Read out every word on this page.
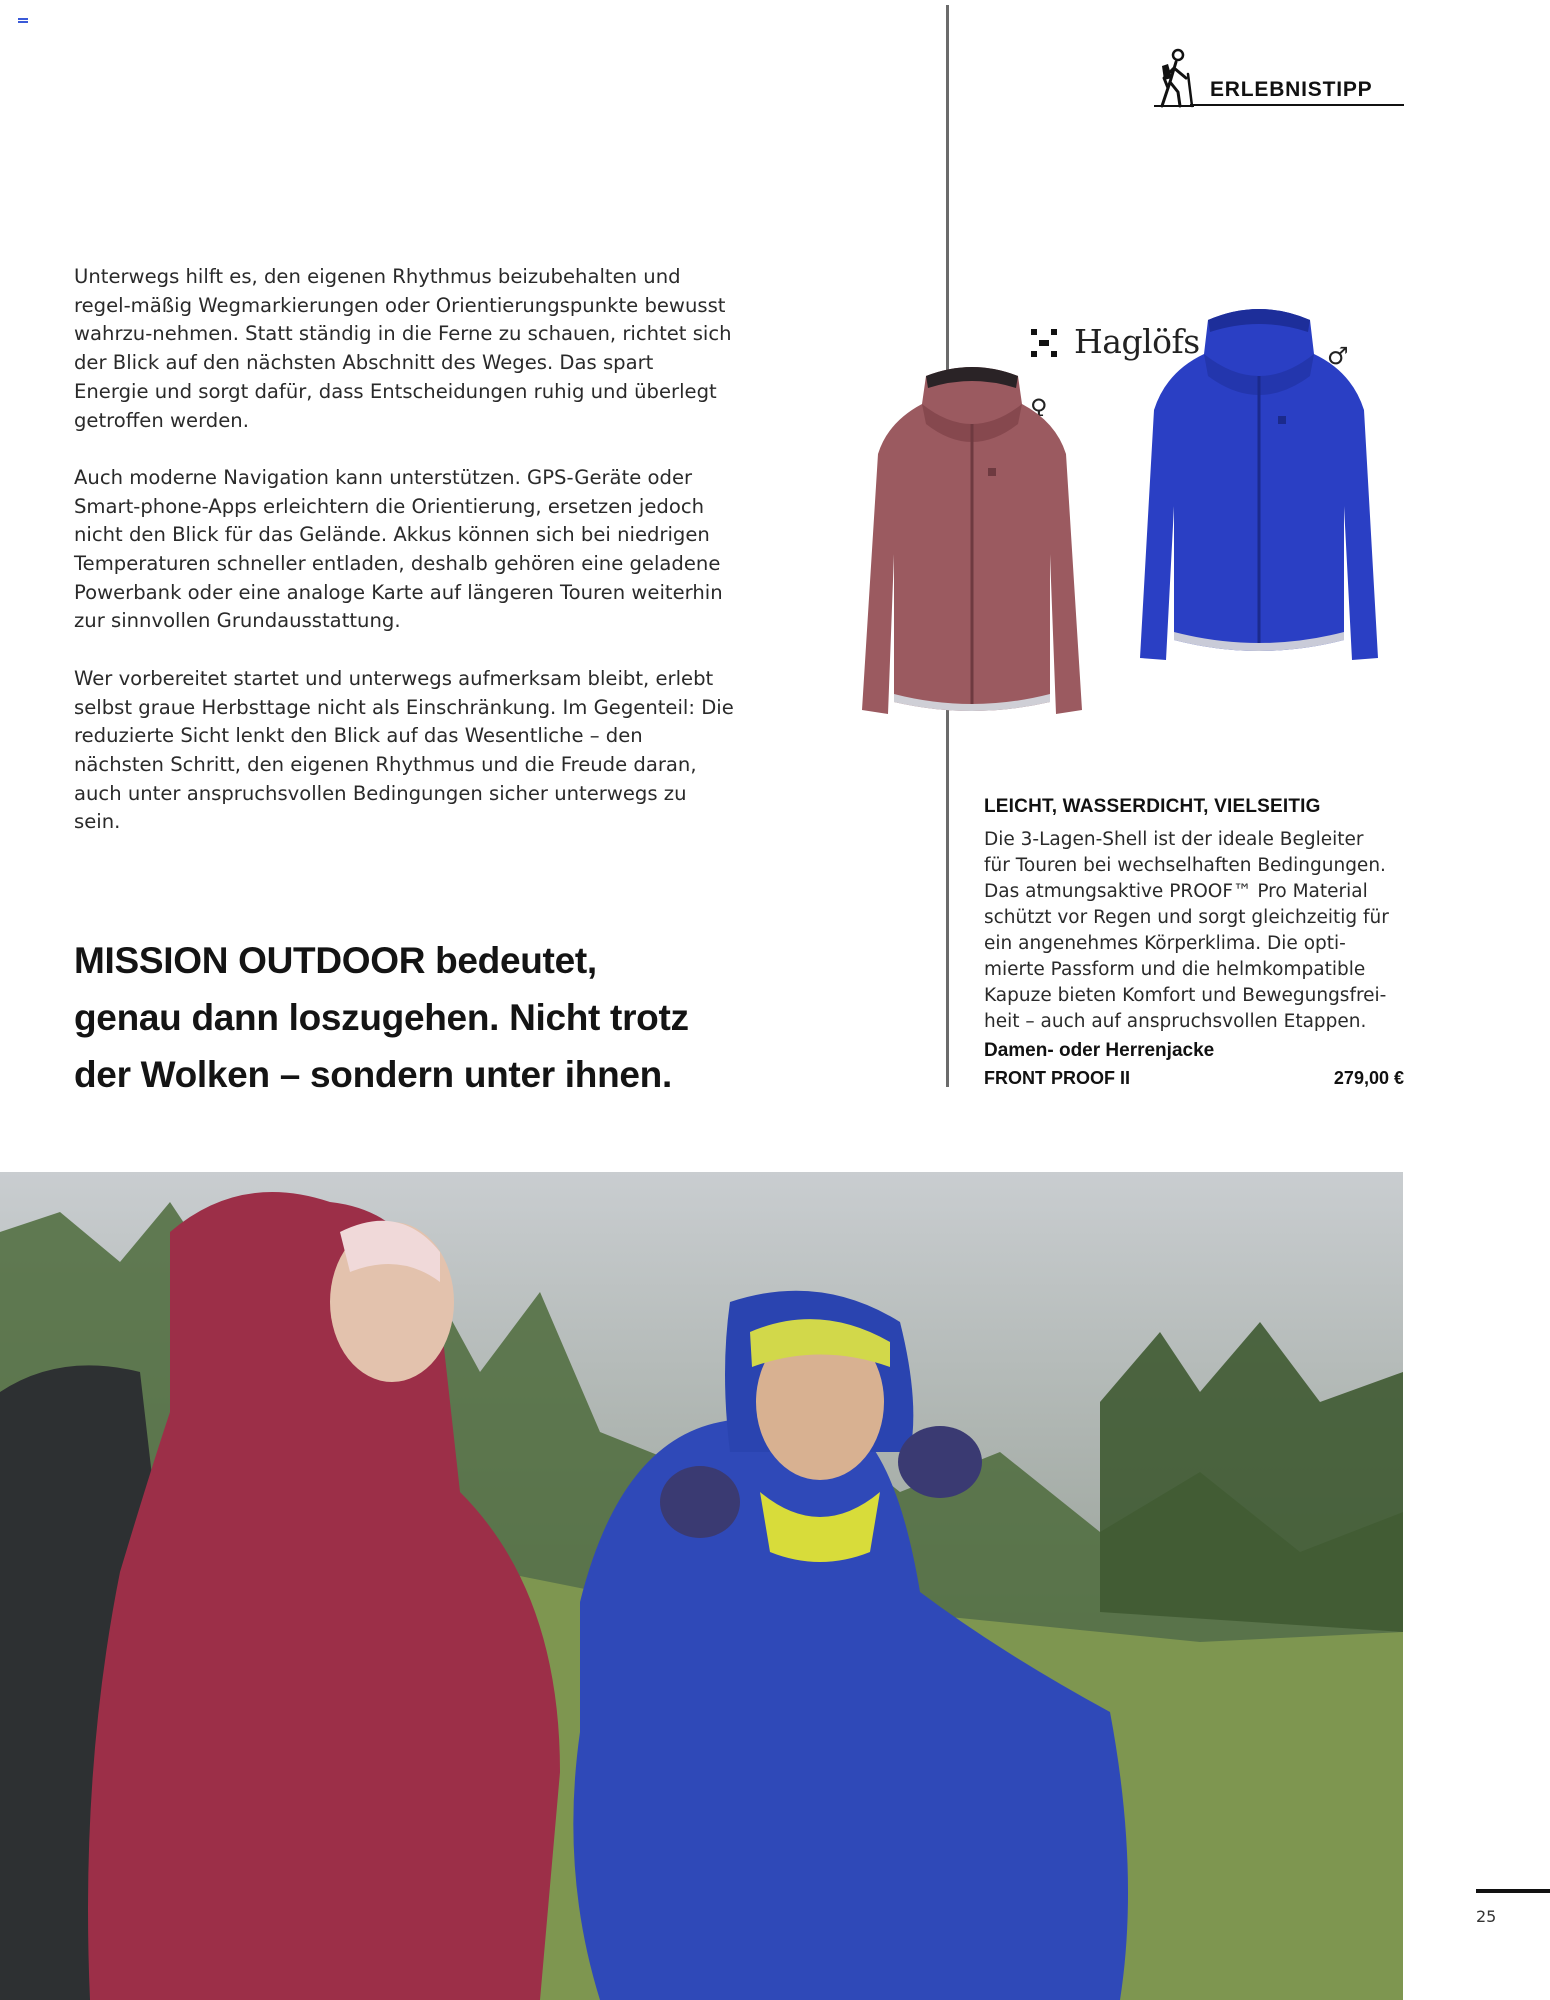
Unterwegs hilft es, den eigenen Rhythmus beizubehalten und regel-mäßig Wegmarkierungen oder Orientierungspunkte bewusst wahrzu-nehmen. Statt ständig in die Ferne zu schauen, richtet sich der Blick auf den nächsten Abschnitt des Weges. Das spart Energie und sorgt dafür, dass Entscheidungen ruhig und überlegt getroffen werden.

Auch moderne Navigation kann unterstützen. GPS-Geräte oder Smart-phone-Apps erleichtern die Orientierung, ersetzen jedoch nicht den Blick für das Gelände. Akkus können sich bei niedrigen Temperaturen schneller entladen, deshalb gehören eine geladene Powerbank oder eine analoge Karte auf längeren Touren weiterhin zur sinnvollen Grundausstattung.

Wer vorbereitet startet und unterwegs aufmerksam bleibt, erlebt selbst graue Herbsttage nicht als Einschränkung. Im Gegenteil: Die reduzierte Sicht lenkt den Blick auf das Wesentliche – den nächsten Schritt, den eigenen Rhythmus und die Freude daran, auch unter anspruchsvollen Bedingungen sicher unterwegs zu sein.

MISSION OUTDOOR bedeutet,
genau dann loszugehen. Nicht trotz
der Wolken – sondern unter ihnen.
ERLEBNISTIPP
Haglöfs
♀
♂
LEICHT, WASSERDICHT, VIELSEITIG
Die 3-Lagen-Shell ist der ideale Begleiter
für Touren bei wechselhaften Bedingungen.
Das atmungsaktive PROOF™ Pro Material
schützt vor Regen und sorgt gleichzeitig für
ein angenehmes Körperklima. Die opti-
mierte Passform und die helmkompatible
Kapuze bieten Komfort und Bewegungsfrei-
heit – auch auf anspruchsvollen Etappen.
Damen- oder Herrenjacke
FRONT PROOF II	279,00 €
25
